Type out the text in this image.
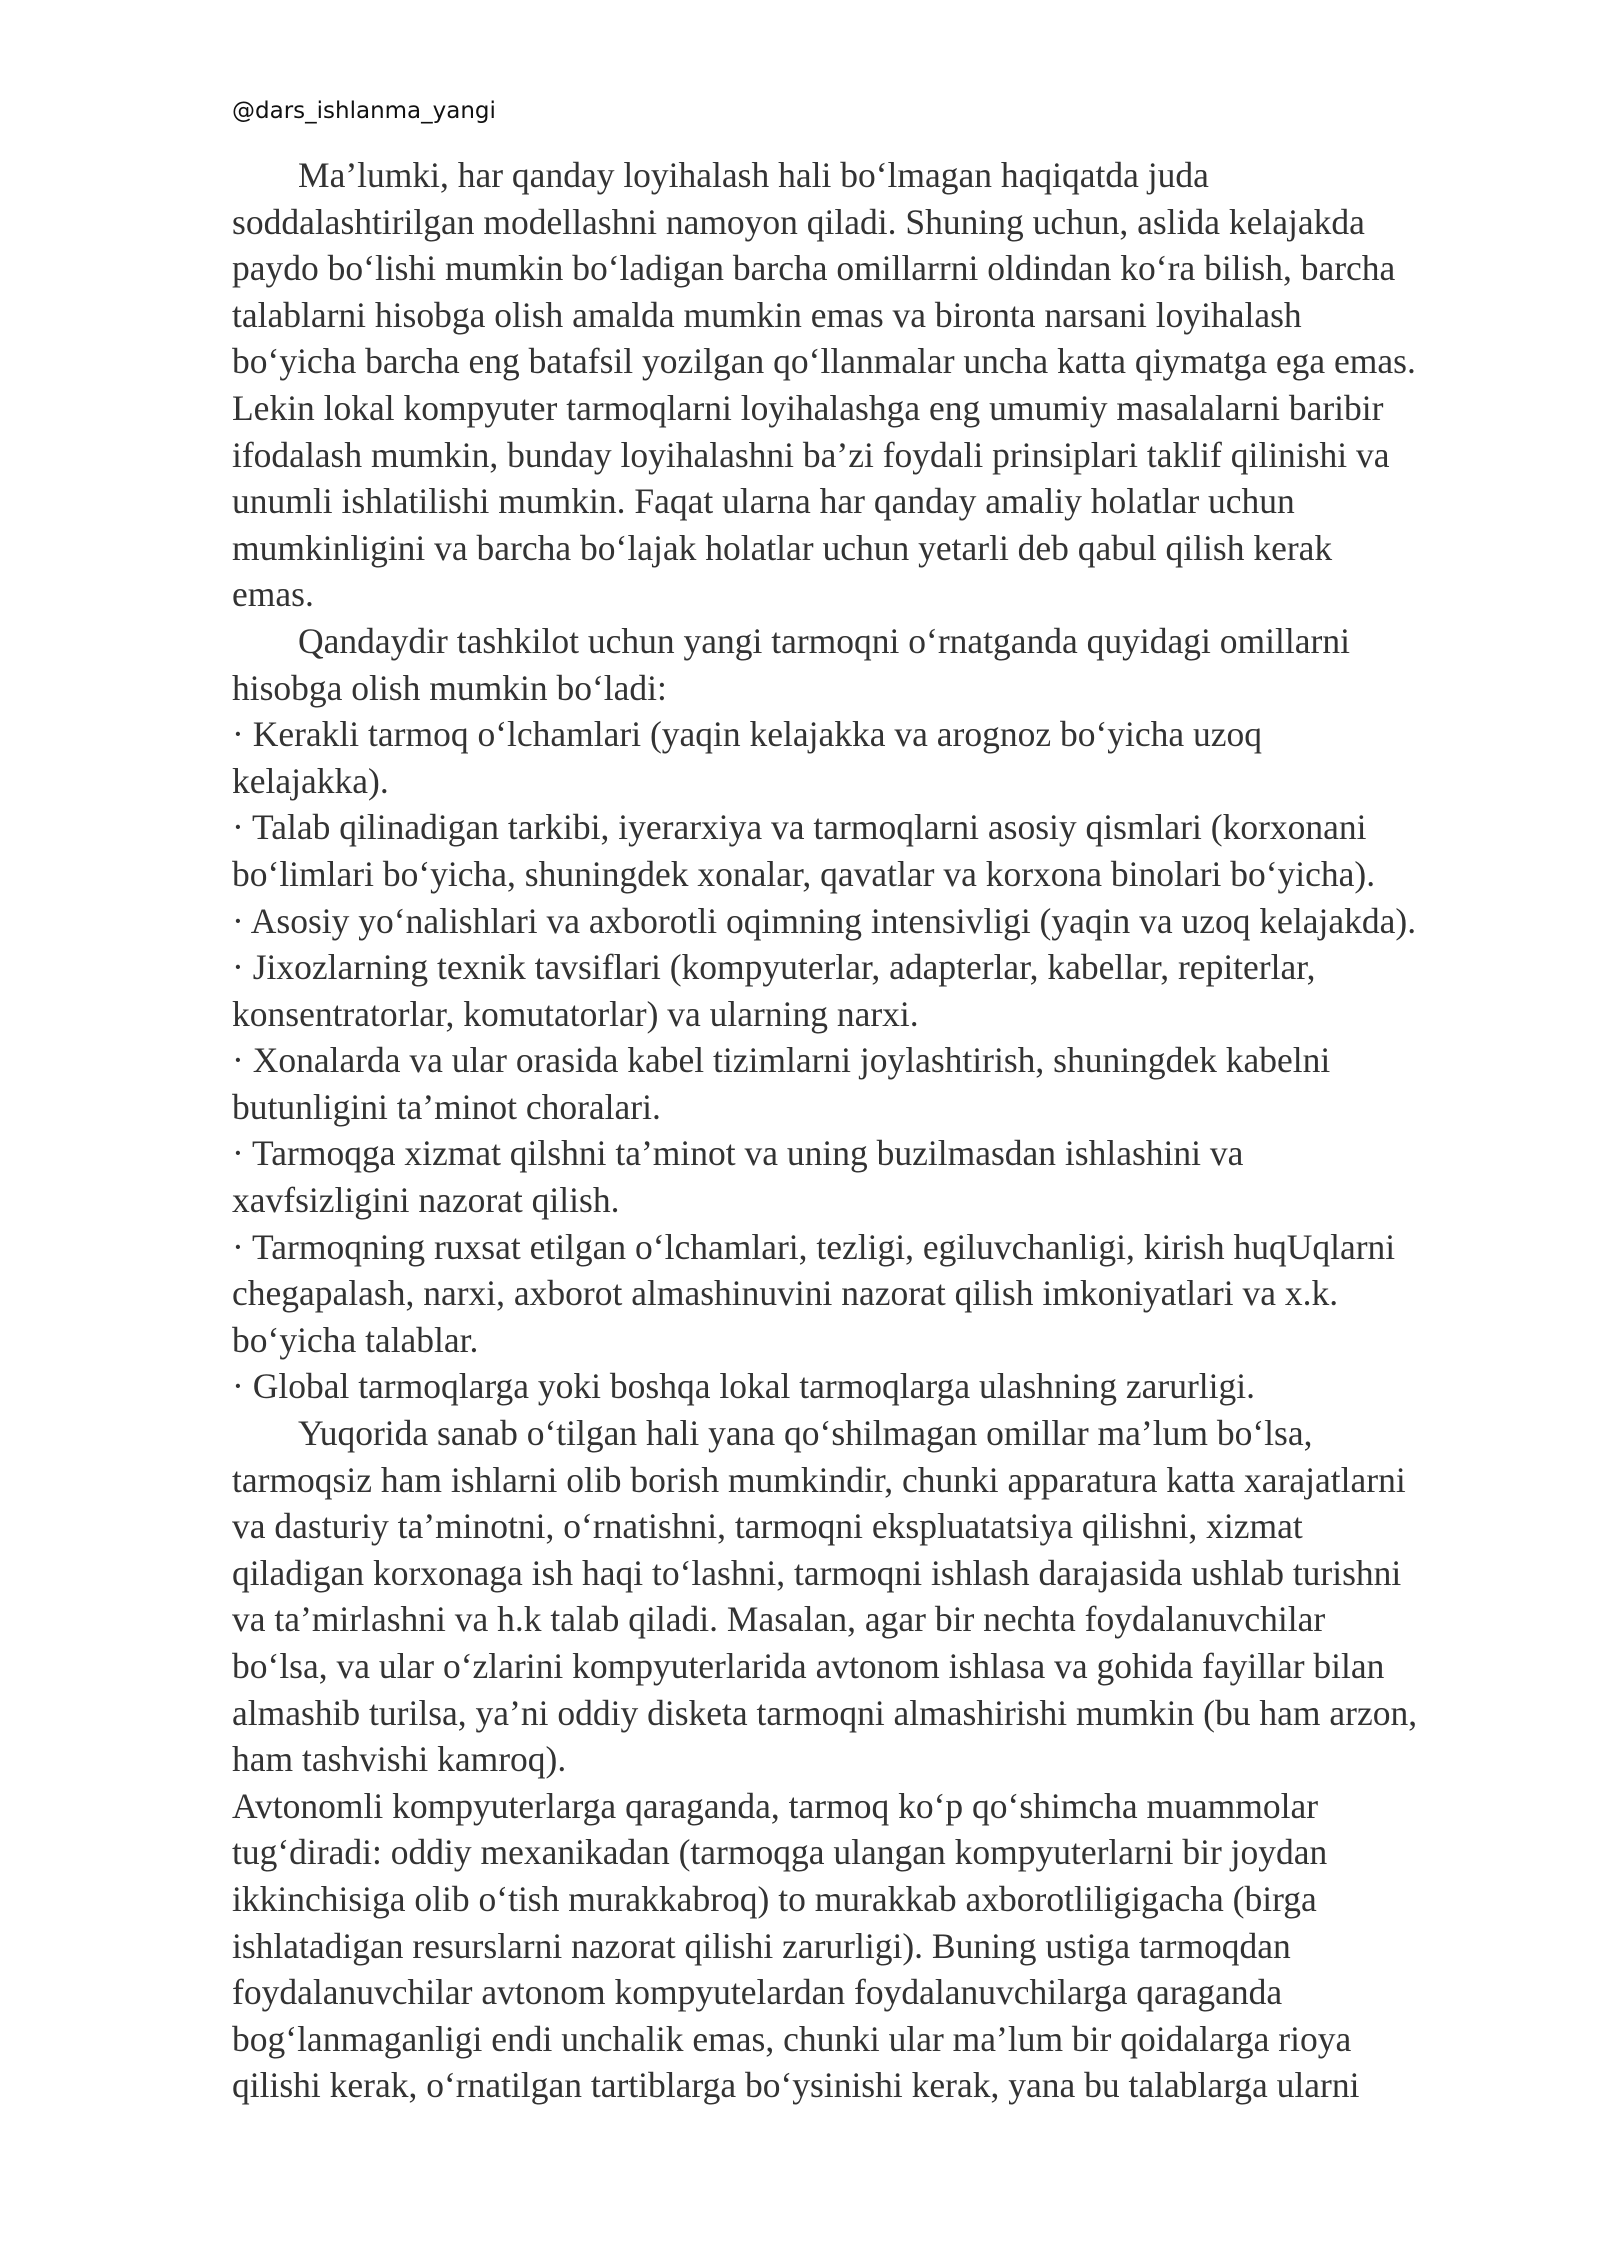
@dars_ishlanma_yangi
Ma’lumki, har qanday loyihalash hali bo‘lmagan haqiqatda juda
soddalashtirilgan modellashni namoyon qiladi. Shuning uchun, aslida kelajakda
paydo bo‘lishi mumkin bo‘ladigan barcha omillarrni oldindan ko‘ra bilish, barcha
talablarni hisobga olish amalda mumkin emas va bironta narsani loyihalash
bo‘yicha barcha eng batafsil yozilgan qo‘llanmalar uncha katta qiymatga ega emas.
Lekin lokal kompyuter tarmoqlarni loyihalashga eng umumiy masalalarni baribir
ifodalash mumkin, bunday loyihalashni ba’zi foydali prinsiplari taklif qilinishi va
unumli ishlatilishi mumkin. Faqat ularna har qanday amaliy holatlar uchun
mumkinligini va barcha bo‘lajak holatlar uchun yetarli deb qabul qilish kerak
emas.
Qandaydir tashkilot uchun yangi tarmoqni o‘rnatganda quyidagi omillarni
hisobga olish mumkin bo‘ladi:
· Kerakli tarmoq o‘lchamlari (yaqin kelajakka va arognoz bo‘yicha uzoq
kelajakka).
· Talab qilinadigan tarkibi, iyerarxiya va tarmoqlarni asosiy qismlari (korxonani
bo‘limlari bo‘yicha, shuningdek xonalar, qavatlar va korxona binolari bo‘yicha).
· Asosiy yo‘nalishlari va axborotli oqimning intensivligi (yaqin va uzoq kelajakda).
· Jixozlarning texnik tavsiflari (kompyuterlar, adapterlar, kabellar, repiterlar,
konsentratorlar, komutatorlar) va ularning narxi.
· Xonalarda va ular orasida kabel tizimlarni joylashtirish, shuningdek kabelni
butunligini ta’minot choralari.
· Tarmoqga xizmat qilshni ta’minot va uning buzilmasdan ishlashini va
xavfsizligini nazorat qilish.
· Tarmoqning ruxsat etilgan o‘lchamlari, tezligi, egiluvchanligi, kirish huqUqlarni
chegapalash, narxi, axborot almashinuvini nazorat qilish imkoniyatlari va x.k.
bo‘yicha talablar.
· Global tarmoqlarga yoki boshqa lokal tarmoqlarga ulashning zarurligi.
Yuqorida sanab o‘tilgan hali yana qo‘shilmagan omillar ma’lum bo‘lsa,
tarmoqsiz ham ishlarni olib borish mumkindir, chunki apparatura katta xarajatlarni
va dasturiy ta’minotni, o‘rnatishni, tarmoqni ekspluatatsiya qilishni, xizmat
qiladigan korxonaga ish haqi to‘lashni, tarmoqni ishlash darajasida ushlab turishni
va ta’mirlashni va h.k talab qiladi. Masalan, agar bir nechta foydalanuvchilar
bo‘lsa, va ular o‘zlarini kompyuterlarida avtonom ishlasa va gohida fayillar bilan
almashib turilsa, ya’ni oddiy disketa tarmoqni almashirishi mumkin (bu ham arzon,
ham tashvishi kamroq).
Avtonomli kompyuterlarga qaraganda, tarmoq ko‘p qo‘shimcha muammolar
tug‘diradi: oddiy mexanikadan (tarmoqga ulangan kompyuterlarni bir joydan
ikkinchisiga olib o‘tish murakkabroq) to murakkab axborotliligigacha (birga
ishlatadigan resurslarni nazorat qilishi zarurligi). Buning ustiga tarmoqdan
foydalanuvchilar avtonom kompyutelardan foydalanuvchilarga qaraganda
bog‘lanmaganligi endi unchalik emas, chunki ular ma’lum bir qoidalarga rioya
qilishi kerak, o‘rnatilgan tartiblarga bo‘ysinishi kerak, yana bu talablarga ularni
